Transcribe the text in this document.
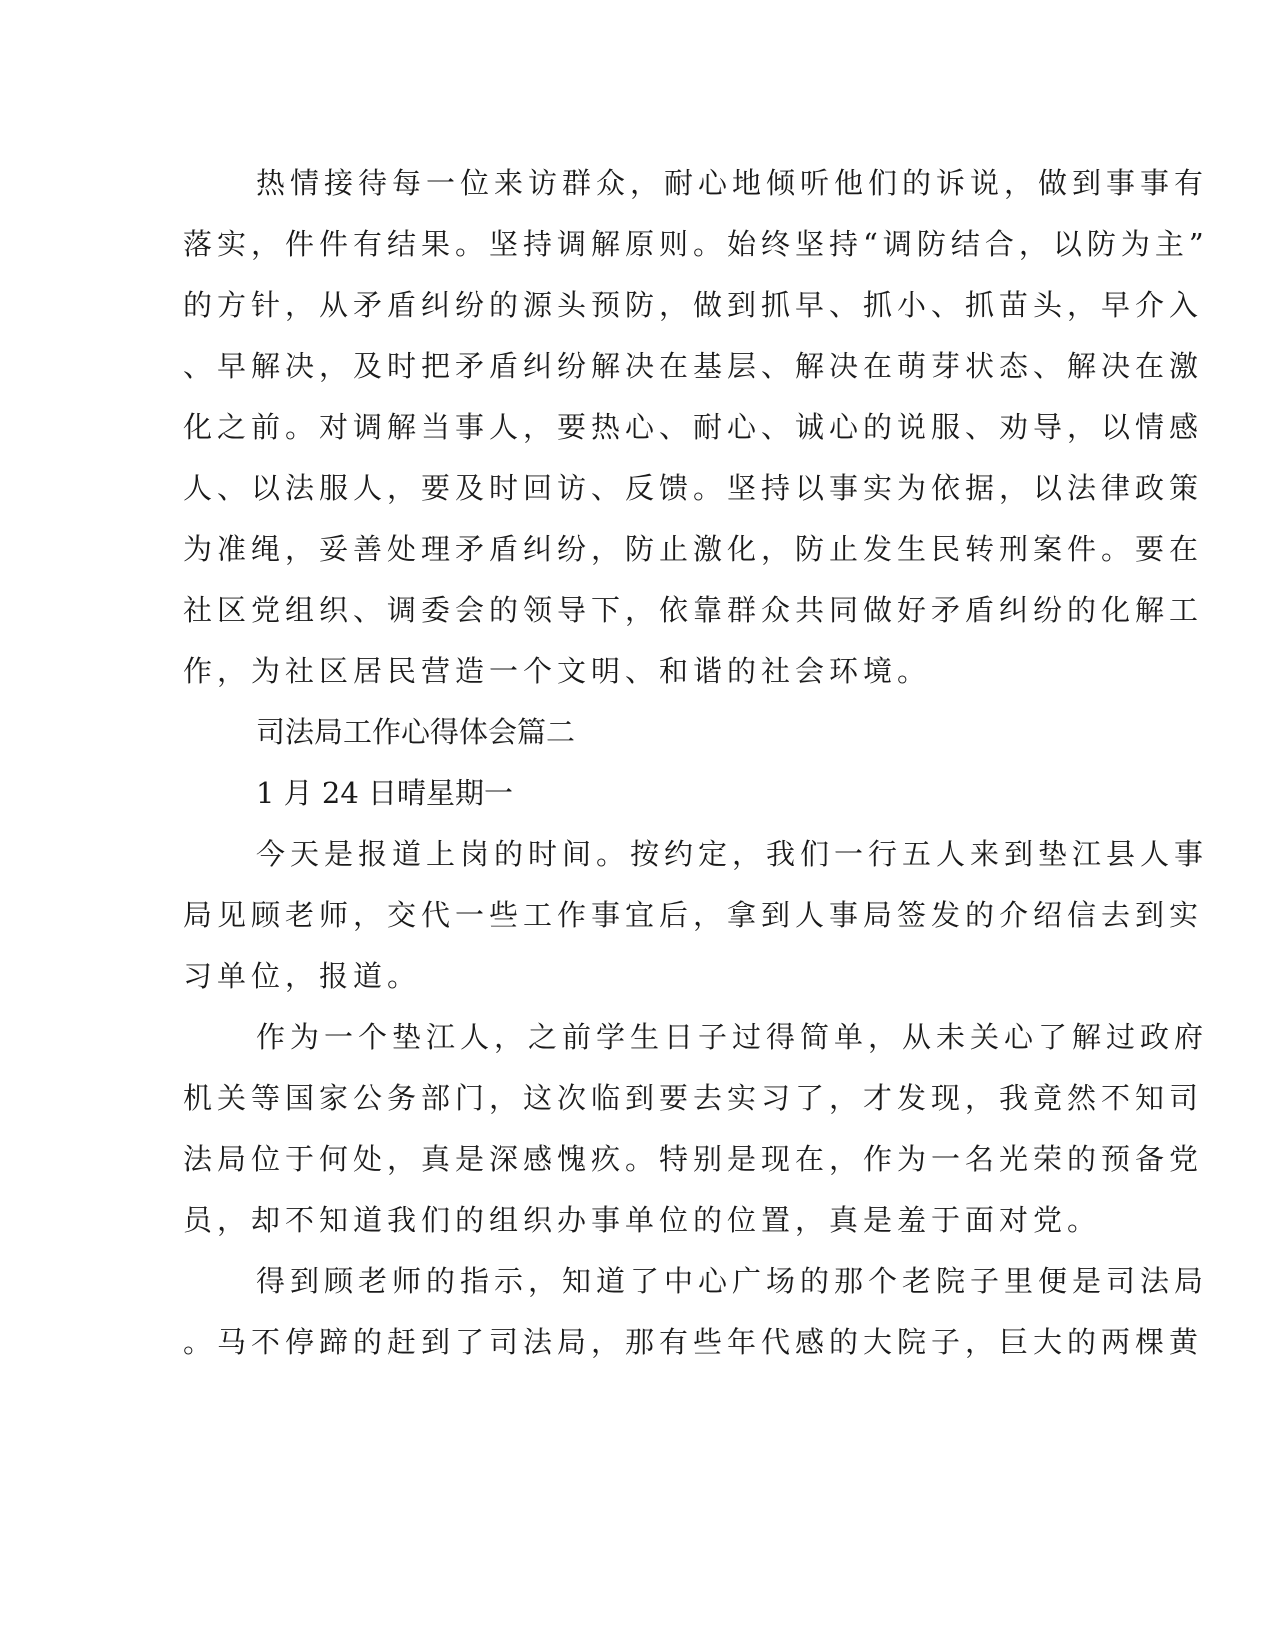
热情接待每一位来访群众，耐心地倾听他们的诉说，做到事事有
落实，件件有结果。坚持调解原则。始终坚持“调防结合，以防为主”
的方针，从矛盾纠纷的源头预防，做到抓早、抓小、抓苗头，早介入
、早解决，及时把矛盾纠纷解决在基层、解决在萌芽状态、解决在激
化之前。对调解当事人，要热心、耐心、诚心的说服、劝导，以情感
人、以法服人，要及时回访、反馈。坚持以事实为依据，以法律政策
为准绳，妥善处理矛盾纠纷，防止激化，防止发生民转刑案件。要在
社区党组织、调委会的领导下，依靠群众共同做好矛盾纠纷的化解工
作，为社区居民营造一个文明、和谐的社会环境。
司法局工作心得体会篇二
1 月 24 日晴星期一
今天是报道上岗的时间。按约定，我们一行五人来到垫江县人事
局见顾老师，交代一些工作事宜后，拿到人事局签发的介绍信去到实
习单位，报道。
作为一个垫江人，之前学生日子过得简单，从未关心了解过政府
机关等国家公务部门，这次临到要去实习了，才发现，我竟然不知司
法局位于何处，真是深感愧疚。特别是现在，作为一名光荣的预备党
员，却不知道我们的组织办事单位的位置，真是羞于面对党。
得到顾老师的指示，知道了中心广场的那个老院子里便是司法局
。马不停蹄的赶到了司法局，那有些年代感的大院子，巨大的两棵黄
